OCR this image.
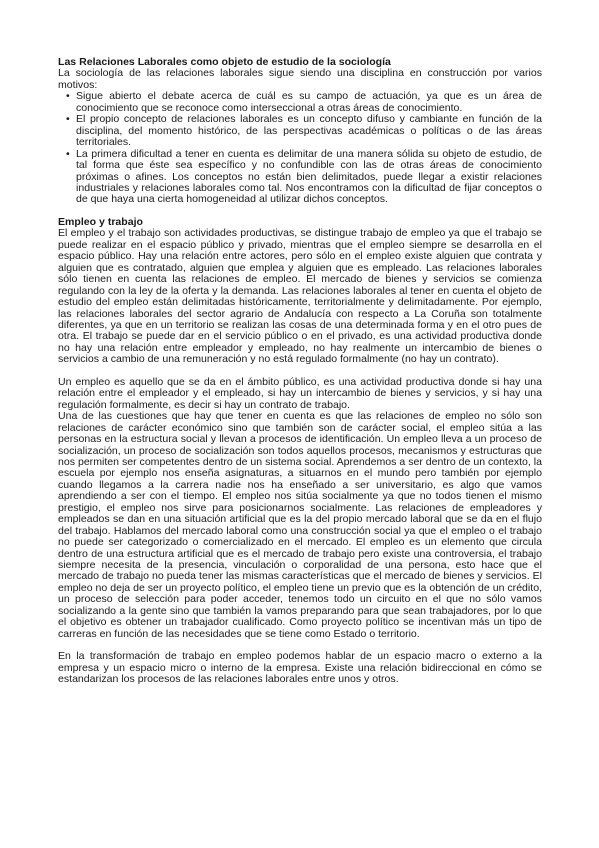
Las Relaciones Laborales como objeto de estudio de la sociología

La sociología de las relaciones laborales sigue siendo una disciplina en construcción por varios motivos:

• Sigue abierto el debate acerca de cuál es su campo de actuación, ya que es un área de conocimiento que se reconoce como interseccional a otras áreas de conocimiento.
• El propio concepto de relaciones laborales es un concepto difuso y cambiante en función de la disciplina, del momento histórico, de las perspectivas académicas o políticas o de las áreas territoriales.
• La primera dificultad a tener en cuenta es delimitar de una manera sólida su objeto de estudio, de tal forma que éste sea específico y no confundible con las de otras áreas de conocimiento próximas o afines. Los conceptos no están bien delimitados, puede llegar a existir relaciones industriales y relaciones laborales como tal. Nos encontramos con la dificultad de fijar conceptos o de que haya una cierta homogeneidad al utilizar dichos conceptos.

Empleo y trabajo

El empleo y el trabajo son actividades productivas, se distingue trabajo de empleo ya que el trabajo se puede realizar en el espacio público y privado, mientras que el empleo siempre se desarrolla en el espacio público. Hay una relación entre actores, pero sólo en el empleo existe alguien que contrata y alguien que es contratado, alguien que emplea y alguien que es empleado. Las relaciones laborales sólo tienen en cuenta las relaciones de empleo. El mercado de bienes y servicios se comienza regulando con la ley de la oferta y la demanda. Las relaciones laborales al tener en cuenta el objeto de estudio del empleo están delimitadas históricamente, territorialmente y delimitadamente. Por ejemplo, las relaciones laborales del sector agrario de Andalucía con respecto a La Coruña son totalmente diferentes, ya que en un territorio se realizan las cosas de una determinada forma y en el otro pues de otra. El trabajo se puede dar en el servicio público o en el privado, es una actividad productiva donde no hay una relación entre empleador y empleado, no hay realmente un intercambio de bienes o servicios a cambio de una remuneración y no está regulado formalmente (no hay un contrato).

Un empleo es aquello que se da en el ámbito público, es una actividad productiva donde si hay una relación entre el empleador y el empleado, si hay un intercambio de bienes y servicios, y si hay una regulación formalmente, es decir si hay un contrato de trabajo.

Una de las cuestiones que hay que tener en cuenta es que las relaciones de empleo no sólo son relaciones de carácter económico sino que también son de carácter social, el empleo sitúa a las personas en la estructura social y llevan a procesos de identificación. Un empleo lleva a un proceso de socialización, un proceso de socialización son todos aquellos procesos, mecanismos y estructuras que nos permiten ser competentes dentro de un sistema social. Aprendemos a ser dentro de un contexto, la escuela por ejemplo nos enseña asignaturas, a situarnos en el mundo pero también por ejemplo cuando llegamos a la carrera nadie nos ha enseñado a ser universitario, es algo que vamos aprendiendo a ser con el tiempo. El empleo nos sitúa socialmente ya que no todos tienen el mismo prestigio, el empleo nos sirve para posicionarnos socialmente. Las relaciones de empleadores y empleados se dan en una situación artificial que es la del propio mercado laboral que se da en el flujo del trabajo. Hablamos del mercado laboral como una construcción social ya que el empleo o el trabajo no puede ser categorizado o comercializado en el mercado. El empleo es un elemento que circula dentro de una estructura artificial que es el mercado de trabajo pero existe una controversia, el trabajo siempre necesita de la presencia, vinculación o corporalidad de una persona, esto hace que el mercado de trabajo no pueda tener las mismas características que el mercado de bienes y servicios. El empleo no deja de ser un proyecto político, el empleo tiene un previo que es la obtención de un crédito, un proceso de selección para poder acceder, tenemos todo un circuito en el que no sólo vamos socializando a la gente sino que también la vamos preparando para que sean trabajadores, por lo que el objetivo es obtener un trabajador cualificado. Como proyecto político se incentivan más un tipo de carreras en función de las necesidades que se tiene como Estado o territorio.

En la transformación de trabajo en empleo podemos hablar de un espacio macro o externo a la empresa y un espacio micro o interno de la empresa. Existe una relación bidireccional en cómo se estandarizan los procesos de las relaciones laborales entre unos y otros.
